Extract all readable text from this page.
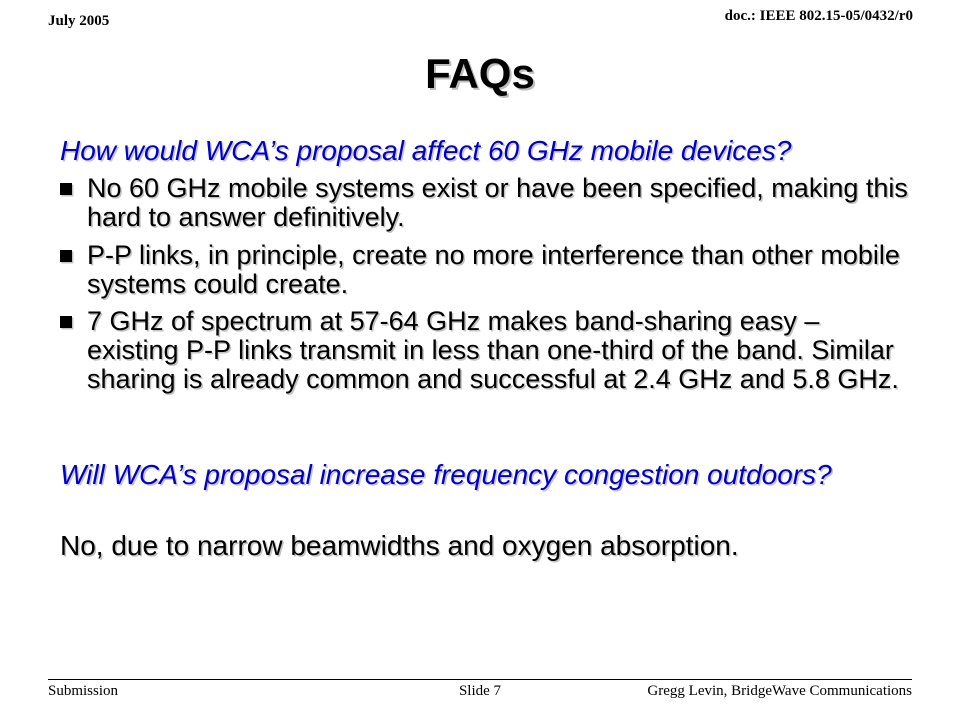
July 2005	doc.: IEEE 802.15-05/0432/r0
FAQs
How would WCA’s proposal affect 60 GHz mobile devices?
No 60 GHz mobile systems exist or have been specified, making this hard to answer definitively.
P-P links, in principle, create no more interference than other mobile systems could create.
7 GHz of spectrum at 57-64 GHz makes band-sharing easy – existing P-P links transmit in less than one-third of the band. Similar sharing is already common and successful at 2.4 GHz and 5.8 GHz.
Will WCA’s proposal increase frequency congestion outdoors?
No, due to narrow beamwidths and oxygen absorption.
Submission	Slide 7	Gregg Levin, BridgeWave Communications
